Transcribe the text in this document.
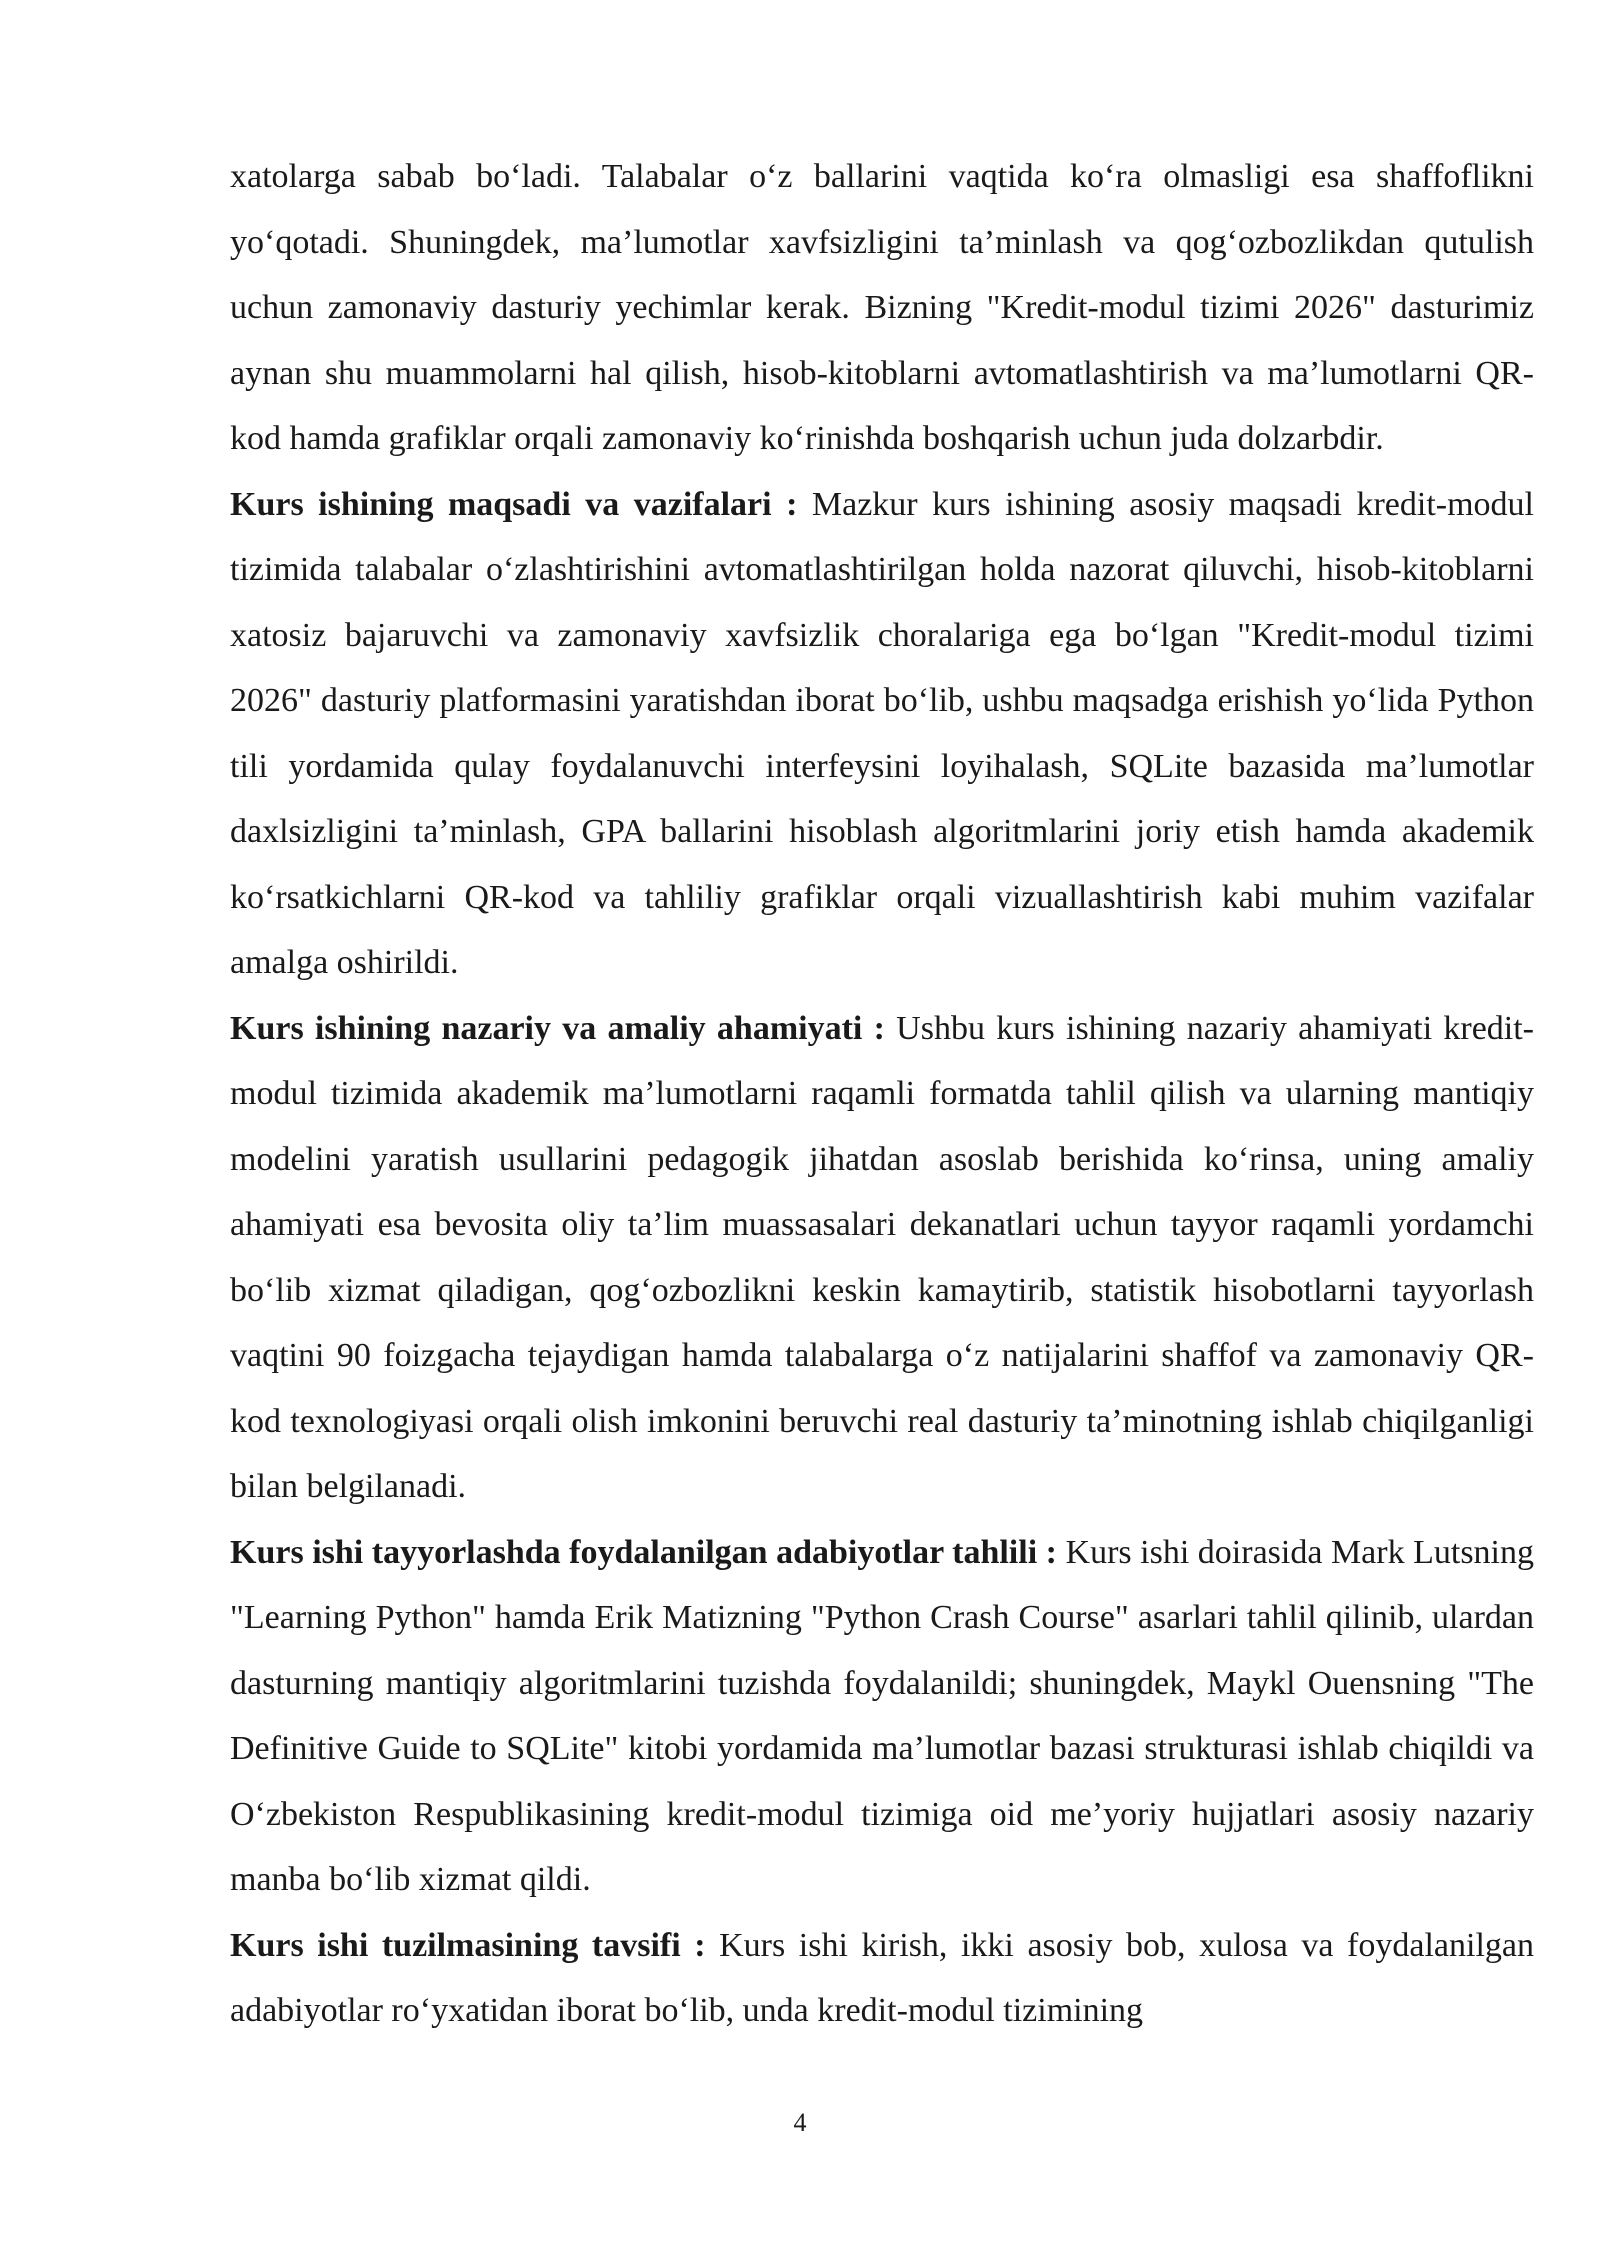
xatolarga sabab bo‘ladi. Talabalar o‘z ballarini vaqtida ko‘ra olmasligi esa shaffoflikni yo‘qotadi. Shuningdek, ma’lumotlar xavfsizligini ta’minlash va qog‘ozbozlikdan qutulish uchun zamonaviy dasturiy yechimlar kerak. Bizning "Kredit-modul tizimi 2026" dasturimiz aynan shu muammolarni hal qilish, hisob-kitoblarni avtomatlashtirish va ma’lumotlarni QR-kod hamda grafiklar orqali zamonaviy ko‘rinishda boshqarish uchun juda dolzarbdir.

Kurs ishining maqsadi va vazifalari : Mazkur kurs ishining asosiy maqsadi kredit-modul tizimida talabalar o‘zlashtirishini avtomatlashtirilgan holda nazorat qiluvchi, hisob-kitoblarni xatosiz bajaruvchi va zamonaviy xavfsizlik choralariga ega bo‘lgan "Kredit-modul tizimi 2026" dasturiy platformasini yaratishdan iborat bo‘lib, ushbu maqsadga erishish yo‘lida Python tili yordamida qulay foydalanuvchi interfeysini loyihalash, SQLite bazasida ma’lumotlar daxlsizligini ta’minlash, GPA ballarini hisoblash algoritmlarini joriy etish hamda akademik ko‘rsatkichlarni QR-kod va tahliliy grafiklar orqali vizuallashtirish kabi muhim vazifalar amalga oshirildi.

Kurs ishining nazariy va amaliy ahamiyati : Ushbu kurs ishining nazariy ahamiyati kredit-modul tizimida akademik ma’lumotlarni raqamli formatda tahlil qilish va ularning mantiqiy modelini yaratish usullarini pedagogik jihatdan asoslab berishida ko‘rinsa, uning amaliy ahamiyati esa bevosita oliy ta’lim muassasalari dekanatlari uchun tayyor raqamli yordamchi bo‘lib xizmat qiladigan, qog‘ozbozlikni keskin kamaytirib, statistik hisobotlarni tayyorlash vaqtini 90 foizgacha tejaydigan hamda talabalarga o‘z natijalarini shaffof va zamonaviy QR-kod texnologiyasi orqali olish imkonini beruvchi real dasturiy ta’minotning ishlab chiqilganligi bilan belgilanadi.

Kurs ishi tayyorlashda foydalanilgan adabiyotlar tahlili : Kurs ishi doirasida Mark Lutsning "Learning Python" hamda Erik Matizning "Python Crash Course" asarlari tahlil qilinib, ulardan dasturning mantiqiy algoritmlarini tuzishda foydalanildi; shuningdek, Maykl Ouensning "The Definitive Guide to SQLite" kitobi yordamida ma’lumotlar bazasi strukturasi ishlab chiqildi va O‘zbekiston Respublikasining kredit-modul tizimiga oid me’yoriy hujjatlari asosiy nazariy manba bo‘lib xizmat qildi.

Kurs ishi tuzilmasining tavsifi : Kurs ishi kirish, ikki asosiy bob, xulosa va foydalanilgan adabiyotlar ro‘yxatidan iborat bo‘lib, unda kredit-modul tizimining

4
